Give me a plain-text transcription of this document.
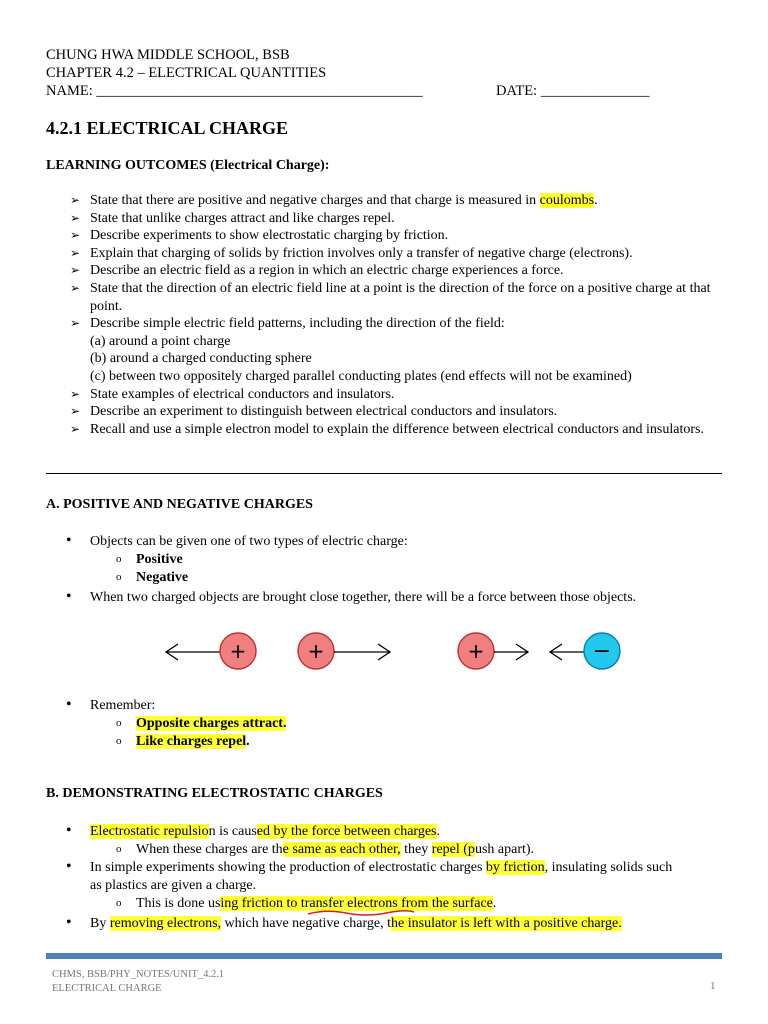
CHUNG HWA MIDDLE SCHOOL, BSB
CHAPTER 4.2 – ELECTRICAL QUANTITIES
NAME: _____________________________________________	DATE: _______________
4.2.1 ELECTRICAL CHARGE
LEARNING OUTCOMES (Electrical Charge):
➢ State that there are positive and negative charges and that charge is measured in coulombs.
➢ State that unlike charges attract and like charges repel.
➢ Describe experiments to show electrostatic charging by friction.
➢ Explain that charging of solids by friction involves only a transfer of negative charge (electrons).
➢ Describe an electric field as a region in which an electric charge experiences a force.
➢ State that the direction of an electric field line at a point is the direction of the force on a positive charge at that point.
➢ Describe simple electric field patterns, including the direction of the field:
(a) around a point charge
(b) around a charged conducting sphere
(c) between two oppositely charged parallel conducting plates (end effects will not be examined)
➢ State examples of electrical conductors and insulators.
➢ Describe an experiment to distinguish between electrical conductors and insulators.
➢ Recall and use a simple electron model to explain the difference between electrical conductors and insulators.
A. POSITIVE AND NEGATIVE CHARGES
• Objects can be given one of two types of electric charge:
o Positive
o Negative
• When two charged objects are brought close together, there will be a force between those objects.
+	+	+	−
• Remember:
o Opposite charges attract.
o Like charges repel.
B. DEMONSTRATING ELECTROSTATIC CHARGES
• Electrostatic repulsion is caused by the force between charges.
o When these charges are the same as each other, they repel (push apart).
• In simple experiments showing the production of electrostatic charges by friction, insulating solids such
as plastics are given a charge.
o This is done using friction to transfer electrons from the surface.
• By removing electrons, which have negative charge, the insulator is left with a positive charge.
CHMS, BSB/PHY_NOTES/UNIT_4.2.1
ELECTRICAL CHARGE	1
